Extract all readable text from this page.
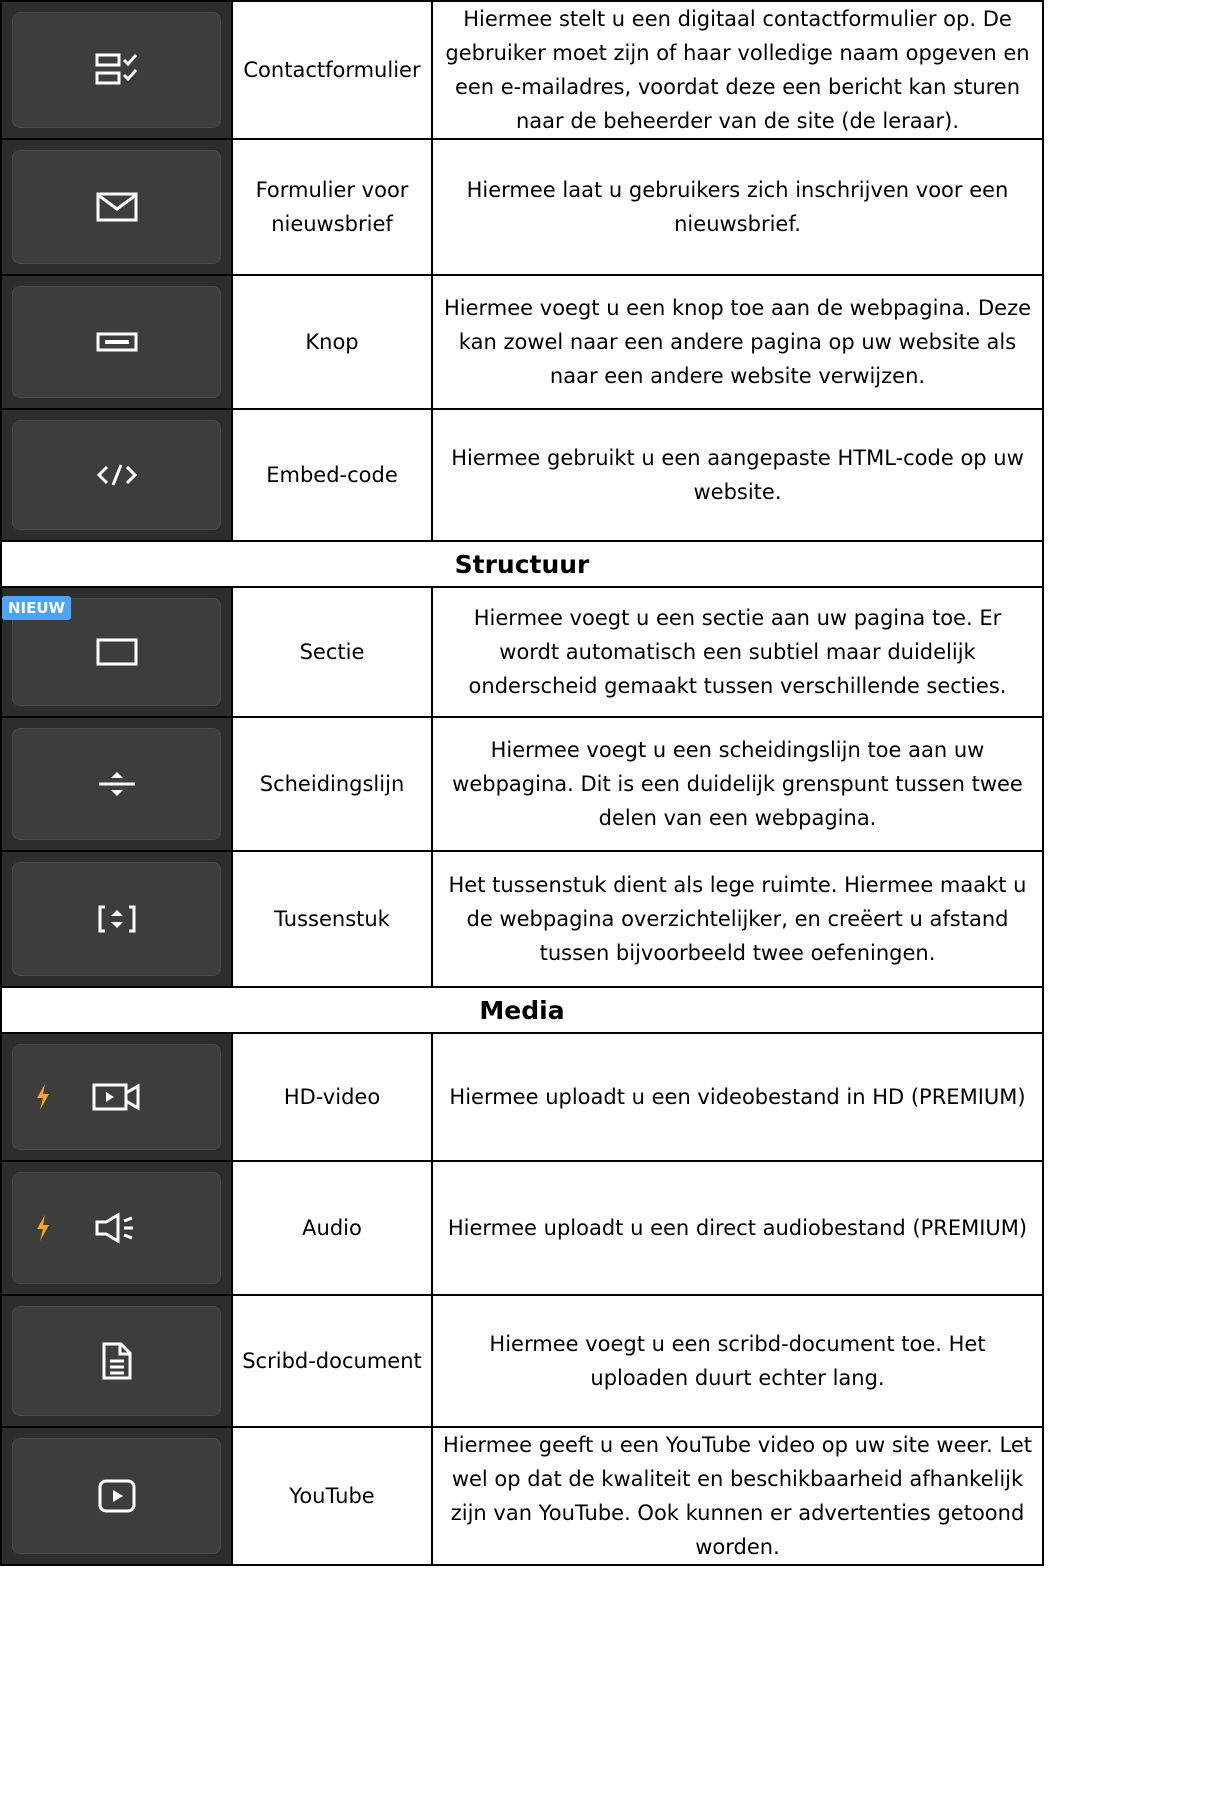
	Contactformulier	Hiermee stelt u een digitaal contactformulier op. De gebruiker moet zijn of haar volledige naam opgeven en een e-mailadres, voordat deze een bericht kan sturen naar de beheerder van de site (de leraar).

	Formulier voor nieuwsbrief	Hiermee laat u gebruikers zich inschrijven voor een nieuwsbrief.

	Knop	Hiermee voegt u een knop toe aan de webpagina. Deze kan zowel naar een andere pagina op uw website als naar een andere website verwijzen.

	Embed-code	Hiermee gebruikt u een aangepaste HTML-code op uw website.
Structuur		

NIEUW	Sectie	Hiermee voegt u een sectie aan uw pagina toe. Er wordt automatisch een subtiel maar duidelijk onderscheid gemaakt tussen verschillende secties.

	Scheidingslijn	Hiermee voegt u een scheidingslijn toe aan uw webpagina. Dit is een duidelijk grenspunt tussen twee delen van een webpagina.

	Tussenstuk	Het tussenstuk dient als lege ruimte. Hiermee maakt u de webpagina overzichtelijker, en creëert u afstand tussen bijvoorbeeld twee oefeningen.
Media		

	HD-video	Hiermee uploadt u een videobestand in HD (PREMIUM)

	Audio	Hiermee uploadt u een direct audiobestand (PREMIUM)

	Scribd-document	Hiermee voegt u een scribd-document toe. Het uploaden duurt echter lang.

	YouTube	Hiermee geeft u een YouTube video op uw site weer. Let wel op dat de kwaliteit en beschikbaarheid afhankelijk zijn van YouTube. Ook kunnen er advertenties getoond worden.
